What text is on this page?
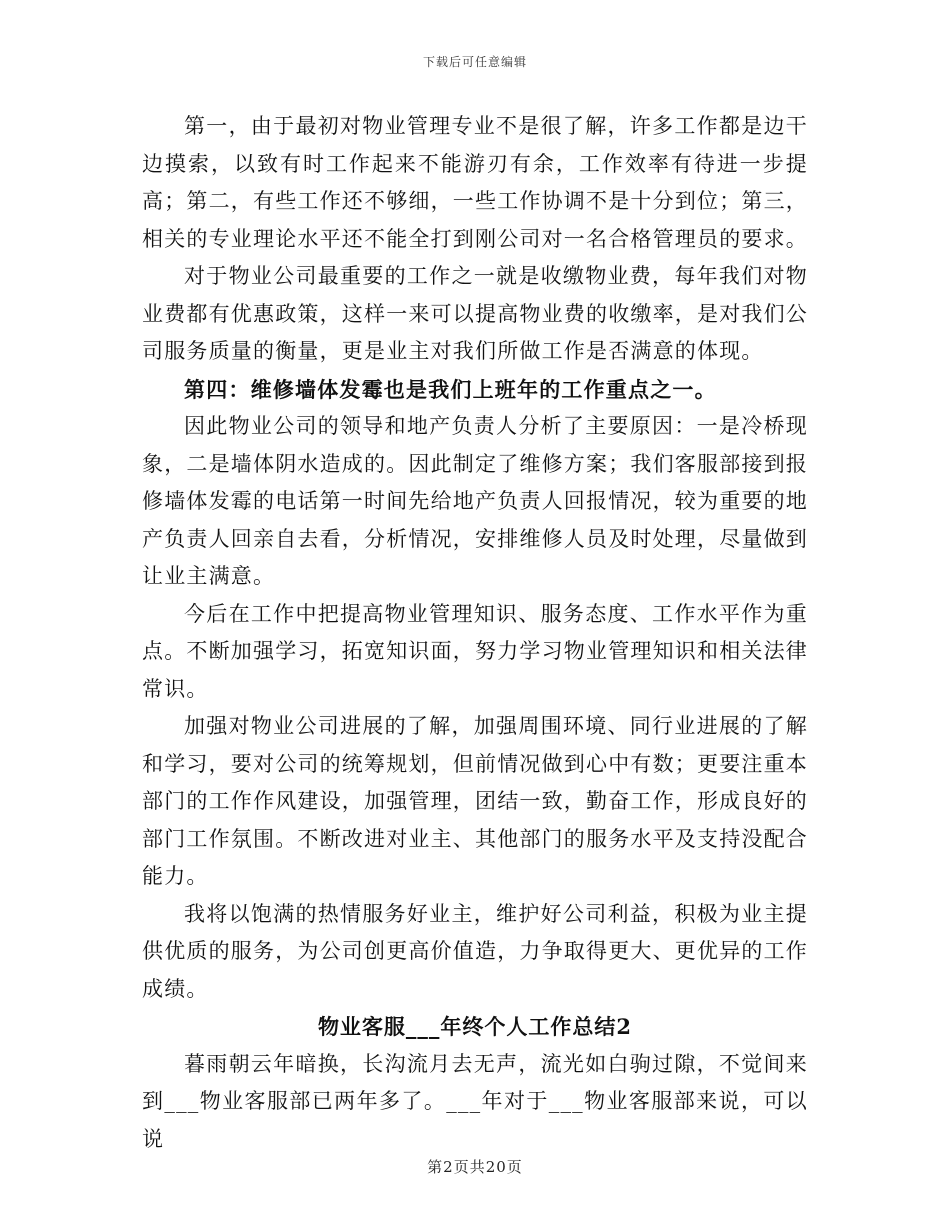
下载后可任意编辑

第一，由于最初对物业管理专业不是很了解，许多工作都是边干边摸索，以致有时工作起来不能游刃有余，工作效率有待进一步提高；第二，有些工作还不够细，一些工作协调不是十分到位；第三，相关的专业理论水平还不能全打到刚公司对一名合格管理员的要求。

对于物业公司最重要的工作之一就是收缴物业费，每年我们对物业费都有优惠政策，这样一来可以提高物业费的收缴率，是对我们公司服务质量的衡量，更是业主对我们所做工作是否满意的体现。

第四：维修墙体发霉也是我们上班年的工作重点之一。

因此物业公司的领导和地产负责人分析了主要原因：一是冷桥现象，二是墙体阴水造成的。因此制定了维修方案；我们客服部接到报修墙体发霉的电话第一时间先给地产负责人回报情况，较为重要的地产负责人回亲自去看，分析情况，安排维修人员及时处理，尽量做到让业主满意。

今后在工作中把提高物业管理知识、服务态度、工作水平作为重点。不断加强学习，拓宽知识面，努力学习物业管理知识和相关法律常识。

加强对物业公司进展的了解，加强周围环境、同行业进展的了解和学习，要对公司的统筹规划，但前情况做到心中有数；更要注重本部门的工作作风建设，加强管理，团结一致，勤奋工作，形成良好的部门工作氛围。不断改进对业主、其他部门的服务水平及支持没配合能力。

我将以饱满的热情服务好业主，维护好公司利益，积极为业主提供优质的服务，为公司创更高价值造，力争取得更大、更优异的工作成绩。

物业客服___年终个人工作总结2

暮雨朝云年暗换，长沟流月去无声，流光如白驹过隙，不觉间来到___物业客服部已两年多了。___年对于___物业客服部来说，可以说

第2页共20页
